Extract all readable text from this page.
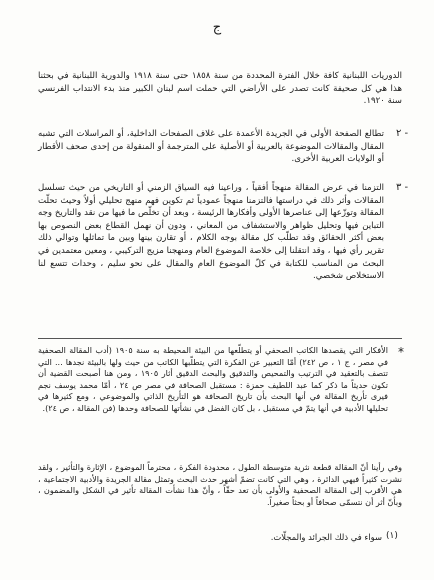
ج

الدوريات اللبنانية كافة خلال الفترة المحددة من سنة ١٨٥٨ حتى سنة ١٩١٨ والدورية اللبنانية في بحثنا هذا هي كل صحيفة كانت تصدر على الأراضي التي حملت اسم لبنان الكبير منذ بدء الانتداب الفرنسي سنة ١٩٢٠.

٢ -

تطالع الصفحة الأولى في الجريدة الأعمدة على غلاف الصفحات الداخلية، أو المراسلات التي تشبه المقال والمقالات الموضوعة بالعربية أو الأصلية على المترجمة أو المنقولة من إحدى صحف الأقطار أو الولايات العربية الأخرى.

٣ -

التزمنا في عرض المقالة منهجاً أفقياً ، وراعينا فيه السياق الزمني أو التاريخي من حيث تسلسل المقالات وأثر ذلك في دراستها فالتزمنا منهجاً عمودياً ثم تكوين فهم منهج تحليلي أولاً وحيث تحلّت المقالة وتوزّعها إلى عناصرها الأولى وأفكارها الرئيسة ، وبعد أن تخلّص ما فيها من نقد والتاريخ وجه التباين فيها وتحليل ظواهر والاستشفاف من المعاني ، ودون أن نهمل القطاع بعض النصوص بها بعض أكثر الحقائق وقد تطلّب كل مقالة بوجه الكلام ، أو تقارن بينها وبين ما تماثلها وتوالي ذلك تقرير رأي فيها ، وقد انتقلنا إلى خلاصة الموضوع العام ومنهجنا مزيج التركيبي ، ومعين معتمدين في البحث من المناسب للكتابة في كلّ الموضوع العام والمقال على نحو سليم ، وحدات تتسع لنا الاستخلاص شخصي.

*

الأفكار التي يقصدها الكاتب الصحفي أو يتطلّعها من البيئة المحيطة به سنة ١٩٠٥ (أدب المقالة الصحفية في مصر ، ج ١ ، ص ٢٤٢) أمّا التعبير عن الفكرة التي يتطلّبها الكاتب من حيث ولها بالبيئة نجدها ... التي تتصف بالتعقيد في الترتيب والتمحيص والتدقيق والبحث الدقيق أثار ١٩٠٥ ، ومن هنا أصبحت القضية أن تكون حديثاً ما ذكر كما عبد اللطيف حمزة : مستقبل الصحافة في مصر ص ٢٤ ، أمّا محمد يوسف نجم فيرى تأريخ المقالة في أنها البحث بأن تاريخ الصحافة هو التأريخ الذاتي والموضوعي ، ومع كثيرها في تحليلها الأدبية في أنها يتمّ في مستقبل ، بل كان الفضل في نشأتها للصحافة وحدها (فن المقالة ، ص ٢٤).

وفي رأينا أنّ المقالة قطعة نثرية متوسطة الطول ، محدودة الفكرة ، محترماً الموضوع ، الإثارة والتأثير ، ولقد نشرت كثيراً فيهي الدائرة ، وهي التي كانت تضمّ أشهر حدث البحث وتمثل مقالة الجريدة والأدبية الاجتماعية ، هي الأقرب إلى المقالة الصحفية والأولى بأن تعد حقّاً ، وأنّ هذا نشأت المقالة تأثير في الشكل والمضمون ، وبأنّ أثر أن نتسمّى صحافاً أو بحثاً صغيراً.

(١)

سواء في ذلك الجرائد والمجلّات.
